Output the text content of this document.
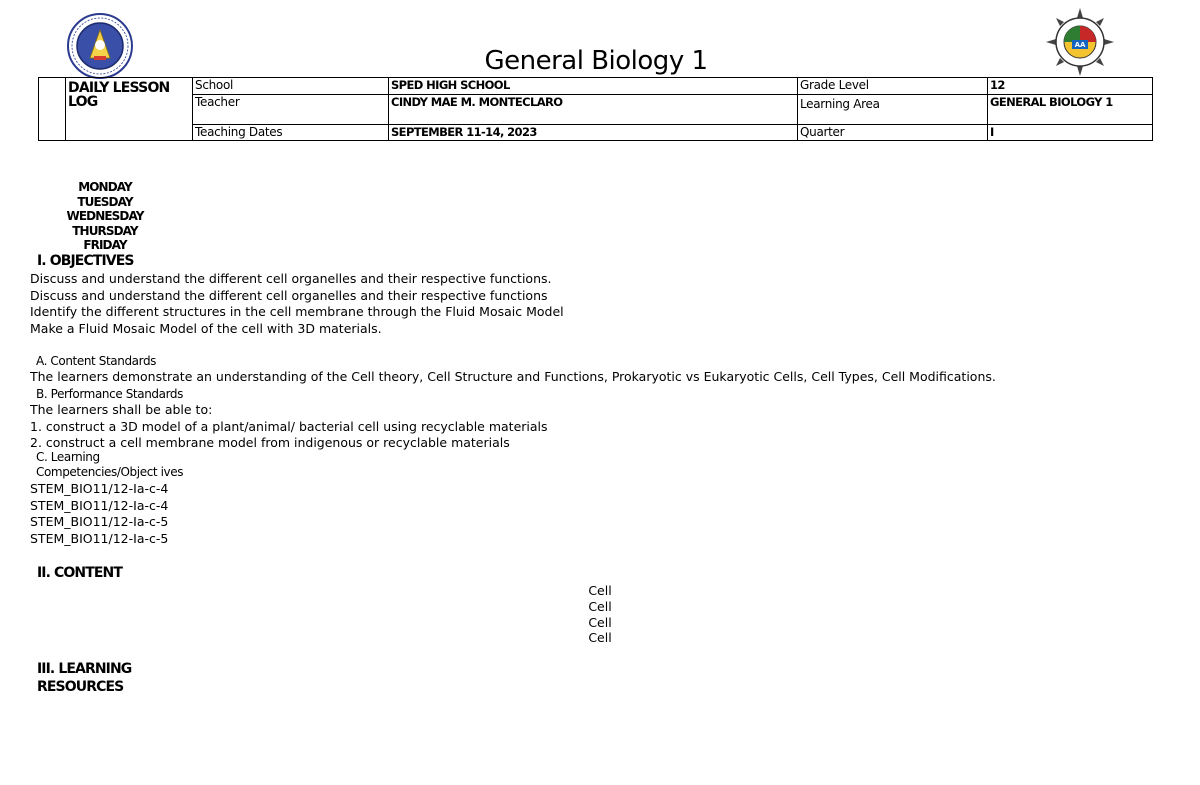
AA
General Biology 1
	DAILY LESSON LOG	School	SPED HIGH SCHOOL	Grade Level	12
		Teacher	CINDY MAE M. MONTECLARO	Learning Area	GENERAL BIOLOGY 1
		Teaching Dates	SEPTEMBER 11-14, 2023	Quarter	I
MONDAY
TUESDAY
WEDNESDAY
THURSDAY
FRIDAY
I. OBJECTIVES
Discuss and understand the different cell organelles and their respective functions.
Discuss and understand the different cell organelles and their respective functions
Identify the different structures in the cell membrane through the Fluid Mosaic Model
Make a Fluid Mosaic Model of the cell with 3D materials.
A. Content Standards
The learners demonstrate an understanding of the Cell theory, Cell Structure and Functions, Prokaryotic vs Eukaryotic Cells, Cell Types, Cell Modifications.
B. Performance Standards
The learners shall be able to:
1. construct a 3D model of a plant/animal/ bacterial cell using recyclable materials
2. construct a cell membrane model from indigenous or recyclable materials
C. Learning
Competencies/Object ives
STEM_BIO11/12-Ia-c-4
STEM_BIO11/12-Ia-c-4
STEM_BIO11/12-Ia-c-5
STEM_BIO11/12-Ia-c-5
II. CONTENT
Cell
Cell
Cell
Cell
III. LEARNING
RESOURCES
